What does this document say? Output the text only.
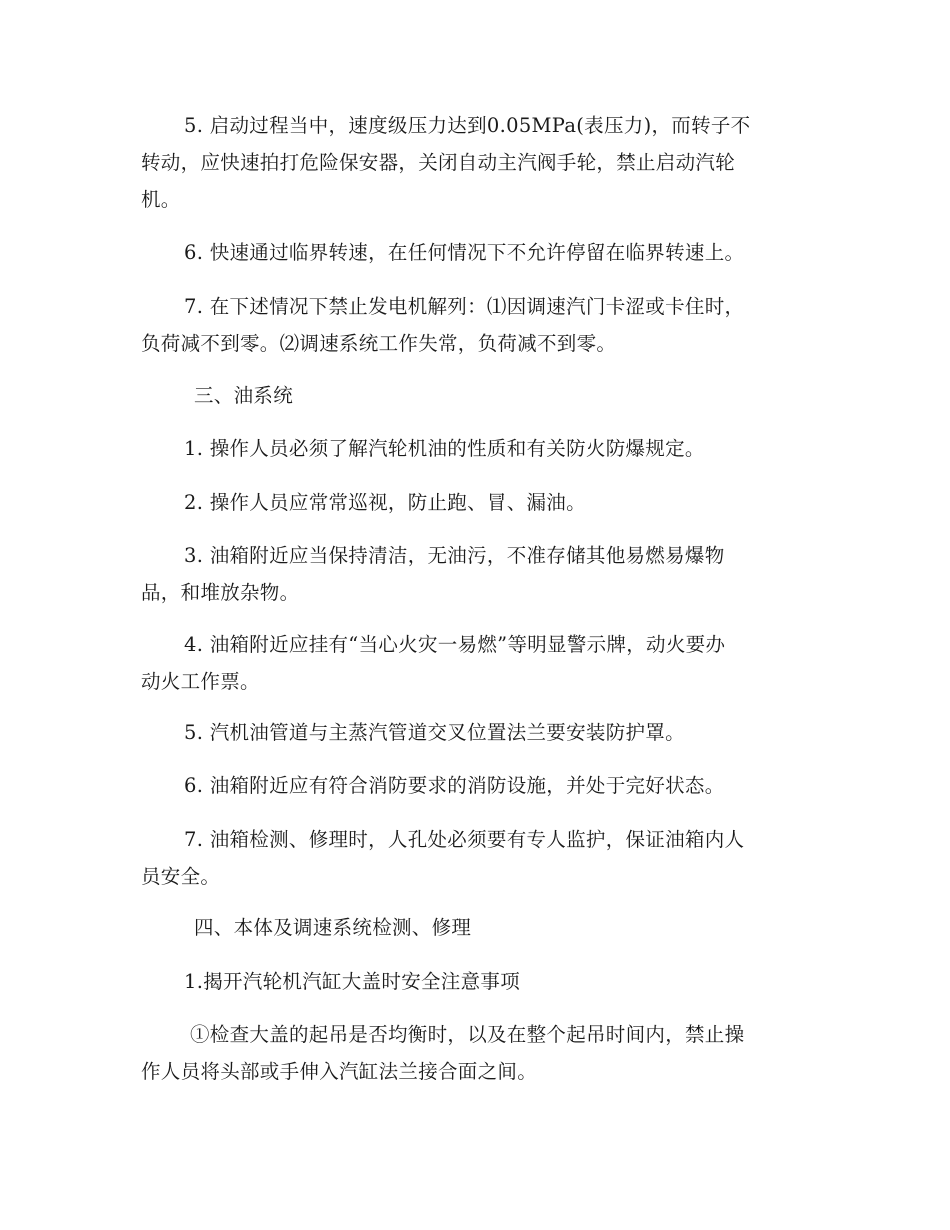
5. 启动过程当中，速度级压力达到0.05MPa(表压力)，而转子不
转动，应快速拍打危险保安器，关闭自动主汽阀手轮，禁止启动汽轮
机。
6. 快速通过临界转速，在任何情况下不允许停留在临界转速上。
7. 在下述情况下禁止发电机解列：⑴因调速汽门卡涩或卡住时，
负荷减不到零。⑵调速系统工作失常，负荷减不到零。
三、油系统
1. 操作人员必须了解汽轮机油的性质和有关防火防爆规定。
2. 操作人员应常常巡视，防止跑、冒、漏油。
3. 油箱附近应当保持清洁，无油污，不准存储其他易燃易爆物
品，和堆放杂物。
4. 油箱附近应挂有“当心火灾一易燃”等明显警示牌，动火要办
动火工作票。
5. 汽机油管道与主蒸汽管道交叉位置法兰要安装防护罩。
6. 油箱附近应有符合消防要求的消防设施，并处于完好状态。
7. 油箱检测、修理时，人孔处必须要有专人监护，保证油箱内人
员安全。
四、本体及调速系统检测、修理
1.揭开汽轮机汽缸大盖时安全注意事项
①检查大盖的起吊是否均衡时，以及在整个起吊时间内，禁止操
作人员将头部或手伸入汽缸法兰接合面之间。
